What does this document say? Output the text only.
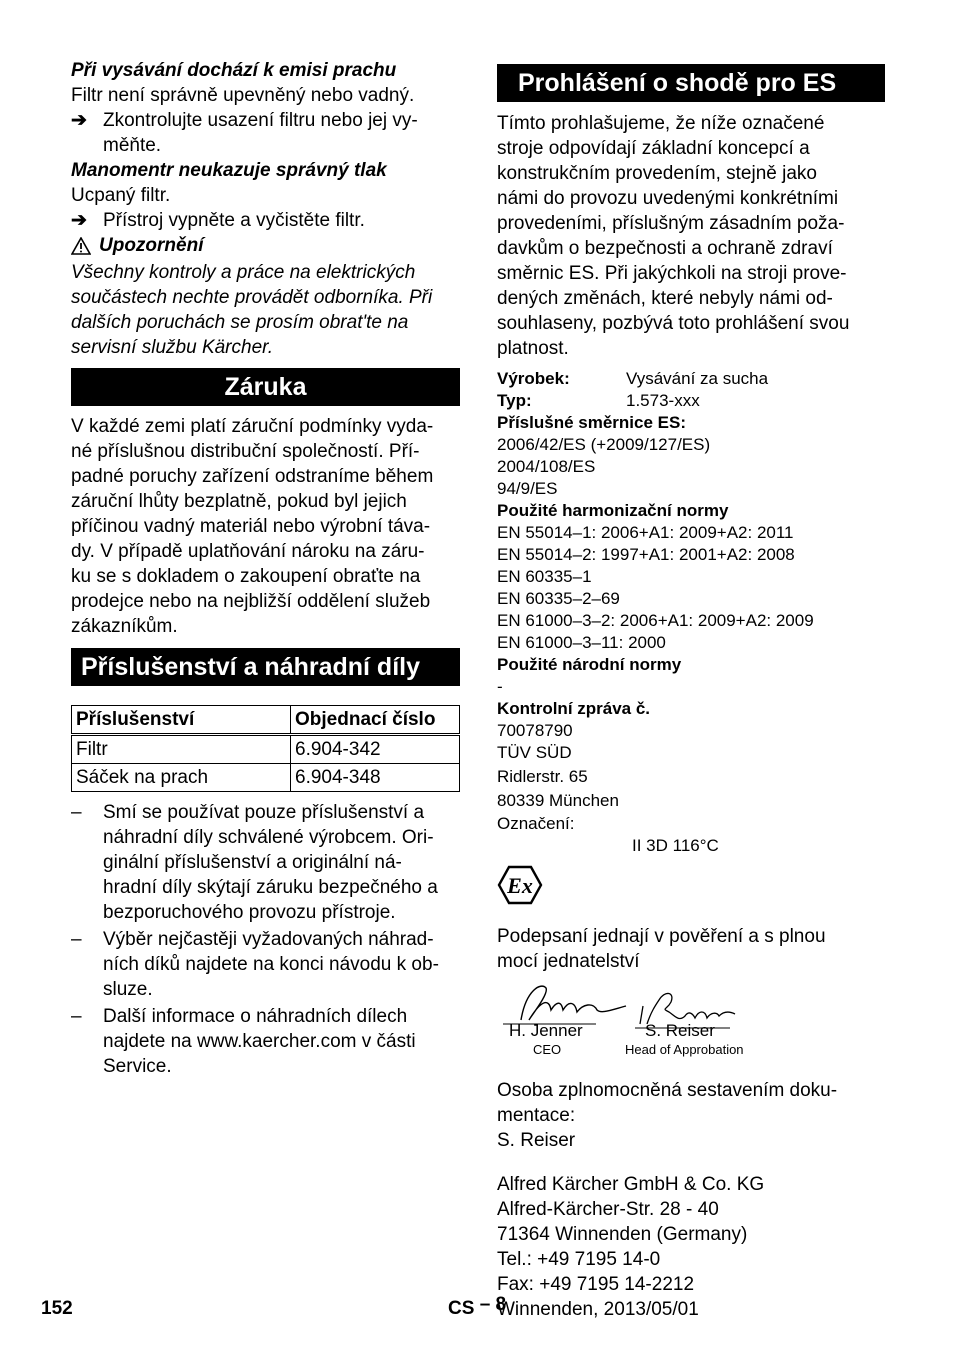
Při vysávání dochází k emisi prachu

Filtr není správně upevněný nebo vadný.

➔ Zkontrolujte usazení filtru nebo jej vy-
měňte.

Manomentr neukazuje správný tlak

Ucpaný filtr.

➔ Přístroj vypněte a vyčistěte filtr.
Upozornění

Všechny kontroly a práce na elektrických

součástech nechte provádět odborníka. Při

dalších poruchách se prosím obrat'te na

servisní službu Kärcher.

Záruka

V každé zemi platí záruční podmínky vyda-

né příslušnou distribuční společností. Pří-

padné poruchy zařízení odstraníme během

záruční lhůty bezplatně, pokud byl jejich

příčinou vadný materiál nebo výrobní táva-

dy. V případě uplatňování nároku na záru-

ku se s dokladem o zakoupení obraťte na

prodejce nebo na nejbližší oddělení služeb

zákazníkům.

Příslušenství a náhradní díly
Příslušenství	Objednací číslo
Filtr	6.904-342
Sáček na prach	6.904-348
–	Smí se používat pouze příslušenství a

náhradní díly schválené výrobcem. Ori-

ginální příslušenství a originální ná-

hradní díly skýtají záruku bezpečného a

bezporuchového provozu přístroje.

–	Výběr nejčastěji vyžadovaných náhrad-

ních díků najdete na konci návodu k ob-

sluze.

–	Další informace o náhradních dílech

najdete na www.kaercher.com v části

Service.

Prohlášení o shodě pro ES

Tímto prohlašujeme, že níže označené

stroje odpovídají základní koncepcí a

konstrukčním provedením, stejně jako

námi do provozu uvedenými konkrétními

provedeními, příslušným zásadním poža-

davkům o bezpečnosti a ochraně zdraví

směrnic ES. Při jakýchkoli na stroji prove-

dených změnách, které nebyly námi od-

souhlaseny, pozbývá toto prohlášení svou

platnost.

Výrobek:	Vysávání za sucha
Typ:	1.573-xxx

Příslušné směrnice ES:

2006/42/ES (+2009/127/ES)

2004/108/ES

94/9/ES

Použité harmonizační normy

EN 55014–1: 2006+A1: 2009+A2: 2011

EN 55014–2: 1997+A1: 2001+A2: 2008

EN 60335–1

EN 60335–2–69

EN 61000–3–2: 2006+A1: 2009+A2: 2009

EN 61000–3–11: 2000

Použité národní normy

-

Kontrolní zpráva č.

70078790

TÜV SÜD

Ridlerstr. 65

80339 München

Označení:

II 3D 116°C

Ex

Podepsaní jednají v pověření a s plnou

mocí jednatelství

H. Jenner
CEO
S. Reiser
Head of Approbation

Osoba zplnomocněná sestavením doku-

mentace:

S. Reiser

Alfred Kärcher GmbH & Co. KG

Alfred-Kärcher-Str. 28 - 40

71364 Winnenden (Germany)

Tel.: +49 7195 14-0

Fax: +49 7195 14-2212

Winnenden, 2013/05/01

152	CS – 8
